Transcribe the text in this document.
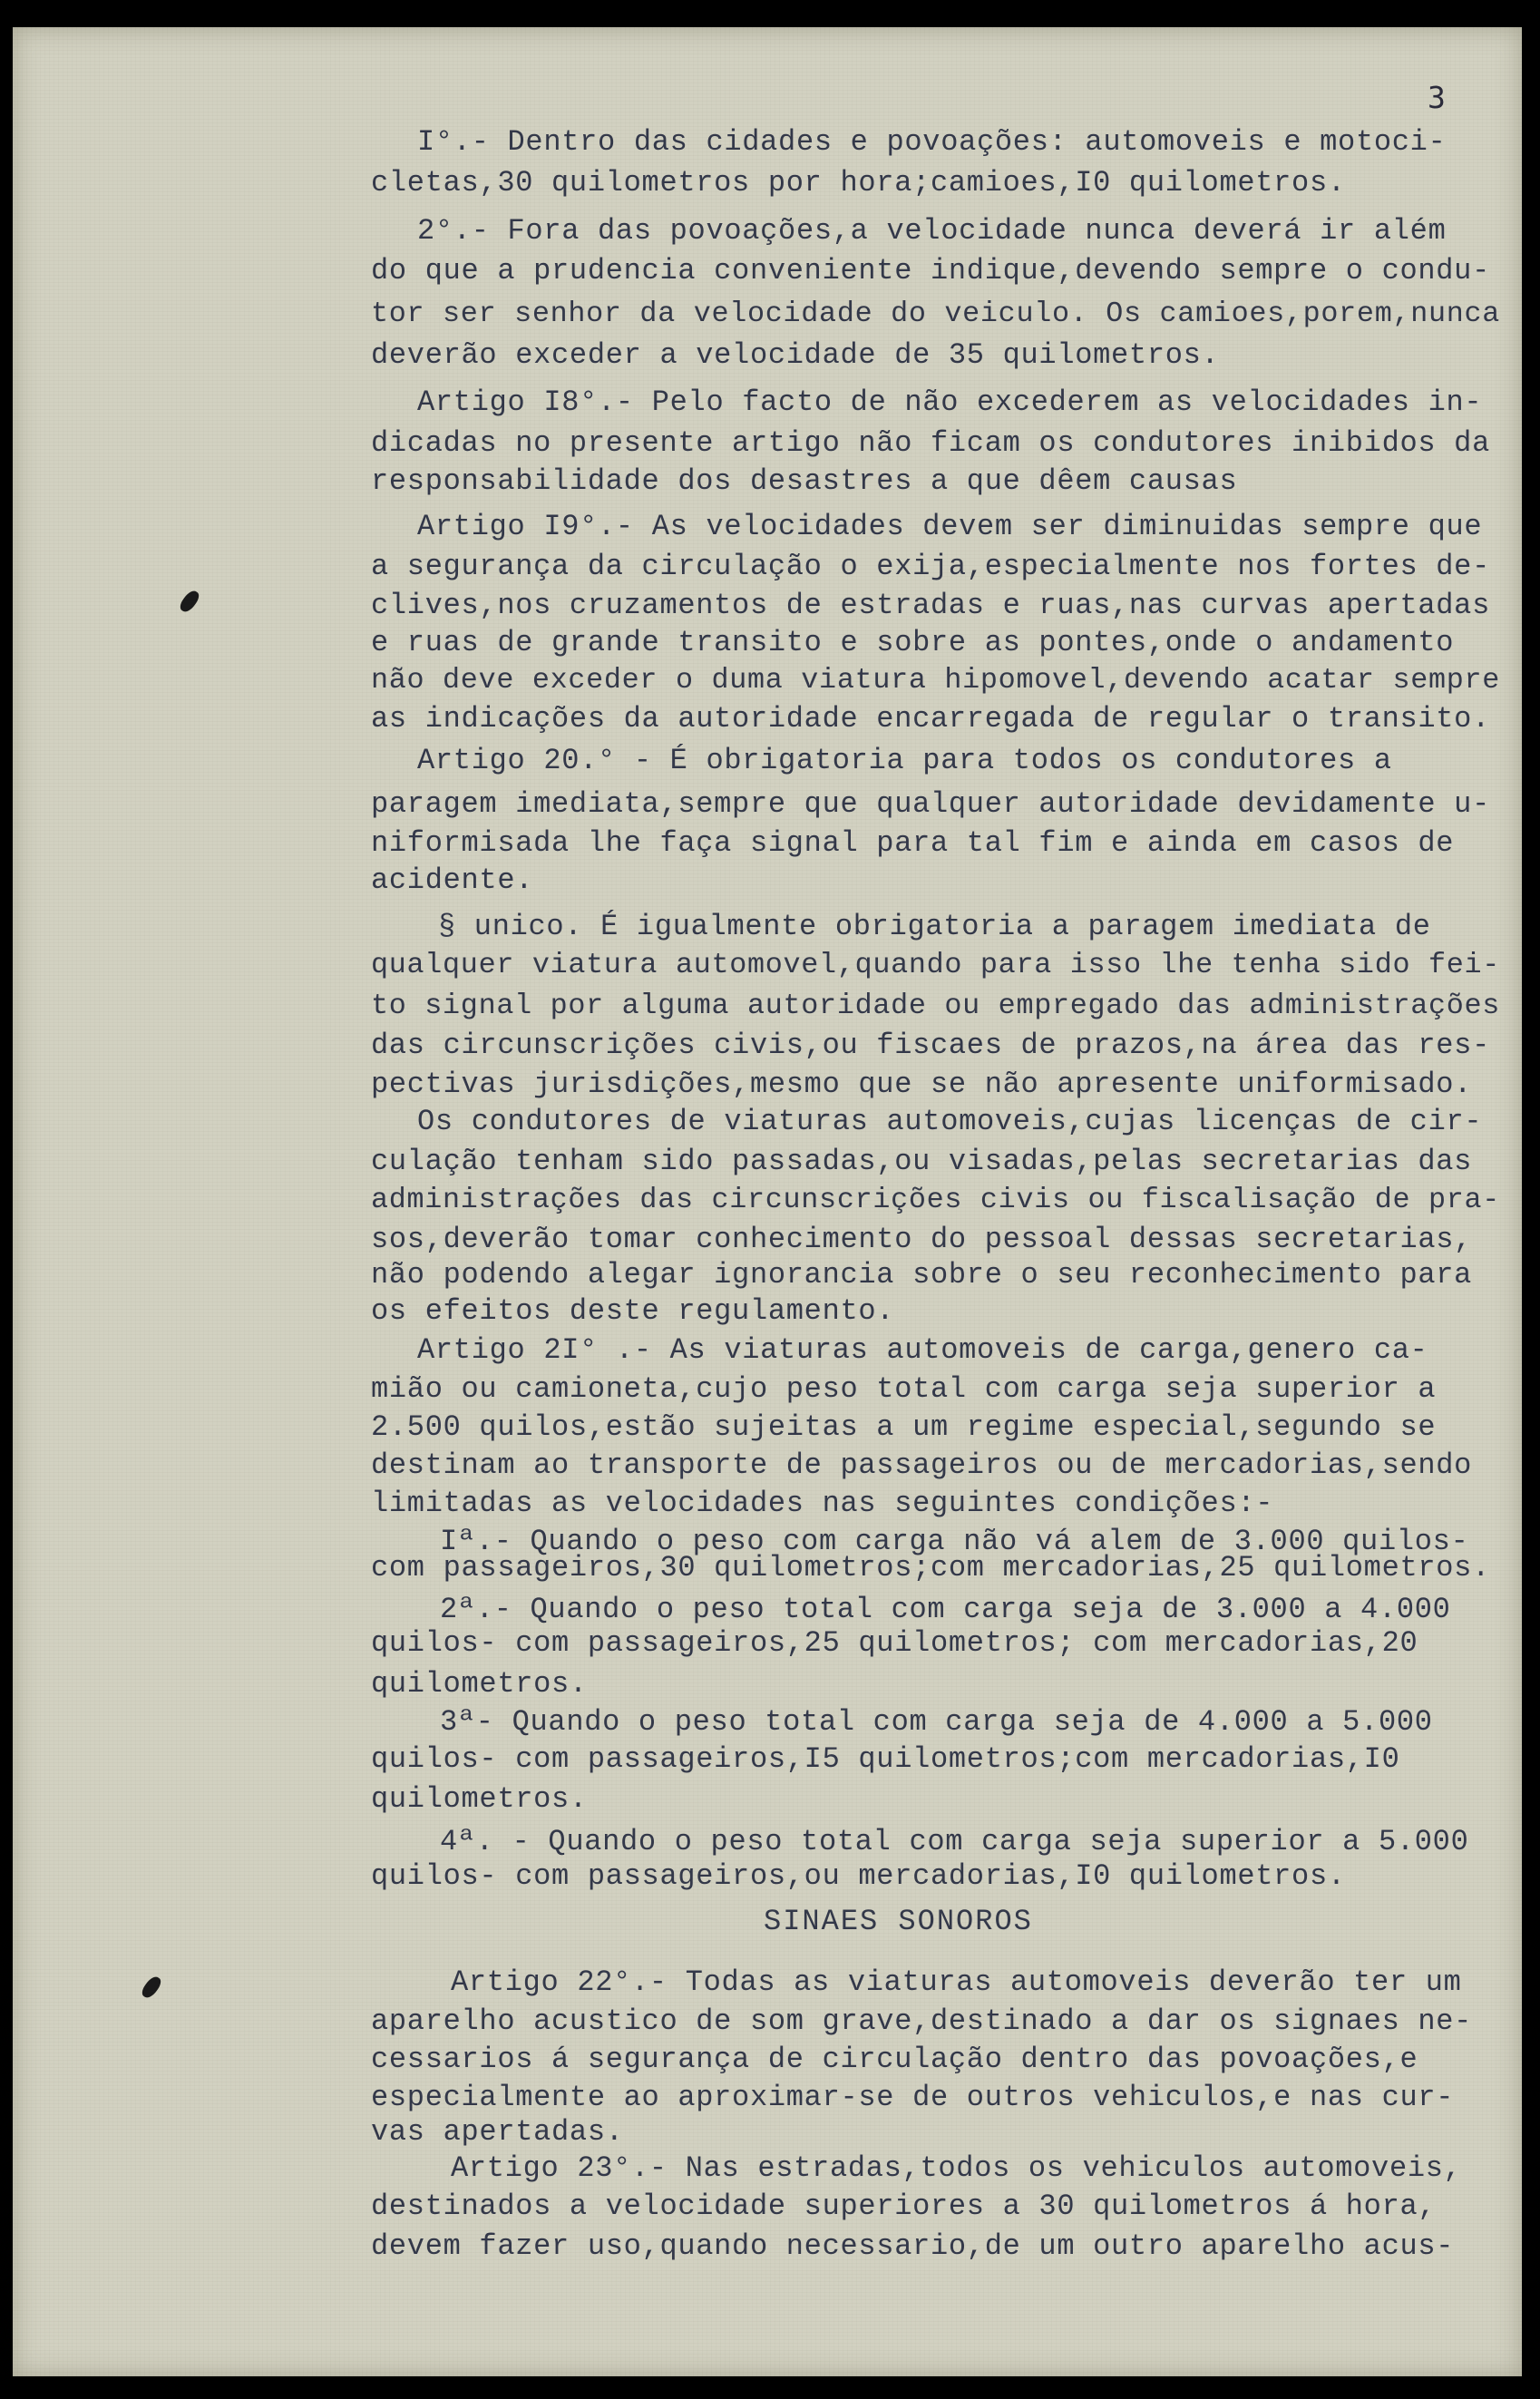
3
I°.- Dentro das cidades e povoações: automoveis e motoci-
cletas,30 quilometros por hora;camioes,I0 quilometros.
2°.- Fora das povoações,a velocidade nunca deverá ir além
do que a prudencia conveniente indique,devendo sempre o condu-
tor ser senhor da velocidade do veiculo. Os camioes,porem,nunca
deverão exceder a velocidade de 35 quilometros.
Artigo I8°.- Pelo facto de não excederem as velocidades in-
dicadas no presente artigo não ficam os condutores inibidos da
responsabilidade dos desastres a que dêem causas
Artigo I9°.- As velocidades devem ser diminuidas sempre que
a segurança da circulação o exija,especialmente nos fortes de-
clives,nos cruzamentos de estradas e ruas,nas curvas apertadas
e ruas de grande transito e sobre as pontes,onde o andamento
não deve exceder o duma viatura hipomovel,devendo acatar sempre
as indicações da autoridade encarregada de regular o transito.
Artigo 20.° - É obrigatoria para todos os condutores a
paragem imediata,sempre que qualquer autoridade devidamente u-
niformisada lhe faça signal para tal fim e ainda em casos de
acidente.
§ unico. É igualmente obrigatoria a paragem imediata de
qualquer viatura automovel,quando para isso lhe tenha sido fei-
to signal por alguma autoridade ou empregado das administrações
das circunscrições civis,ou fiscaes de prazos,na área das res-
pectivas jurisdições,mesmo que se não apresente uniformisado.
Os condutores de viaturas automoveis,cujas licenças de cir-
culação tenham sido passadas,ou visadas,pelas secretarias das
administrações das circunscrições civis ou fiscalisação de pra-
sos,deverão tomar conhecimento do pessoal dessas secretarias,
não podendo alegar ignorancia sobre o seu reconhecimento para
os efeitos deste regulamento.
Artigo 2I° .- As viaturas automoveis de carga,genero ca-
mião ou camioneta,cujo peso total com carga seja superior a
2.500 quilos,estão sujeitas a um regime especial,segundo se
destinam ao transporte de passageiros ou de mercadorias,sendo
limitadas as velocidades nas seguintes condições:-
Iª.- Quando o peso com carga não vá alem de 3.000 quilos-
com passageiros,30 quilometros;com mercadorias,25 quilometros.
2ª.- Quando o peso total com carga seja de 3.000 a 4.000
quilos- com passageiros,25 quilometros; com mercadorias,20
quilometros.
3ª- Quando o peso total com carga seja de 4.000 a 5.000
quilos- com passageiros,I5 quilometros;com mercadorias,I0
quilometros.
4ª. - Quando o peso total com carga seja superior a 5.000
quilos- com passageiros,ou mercadorias,I0 quilometros.
SINAES SONOROS
Artigo 22°.- Todas as viaturas automoveis deverão ter um
aparelho acustico de som grave,destinado a dar os signaes ne-
cessarios á segurança de circulação dentro das povoações,e
especialmente ao aproximar-se de outros vehiculos,e nas cur-
vas apertadas.
Artigo 23°.- Nas estradas,todos os vehiculos automoveis,
destinados a velocidade superiores a 30 quilometros á hora,
devem fazer uso,quando necessario,de um outro aparelho acus-
